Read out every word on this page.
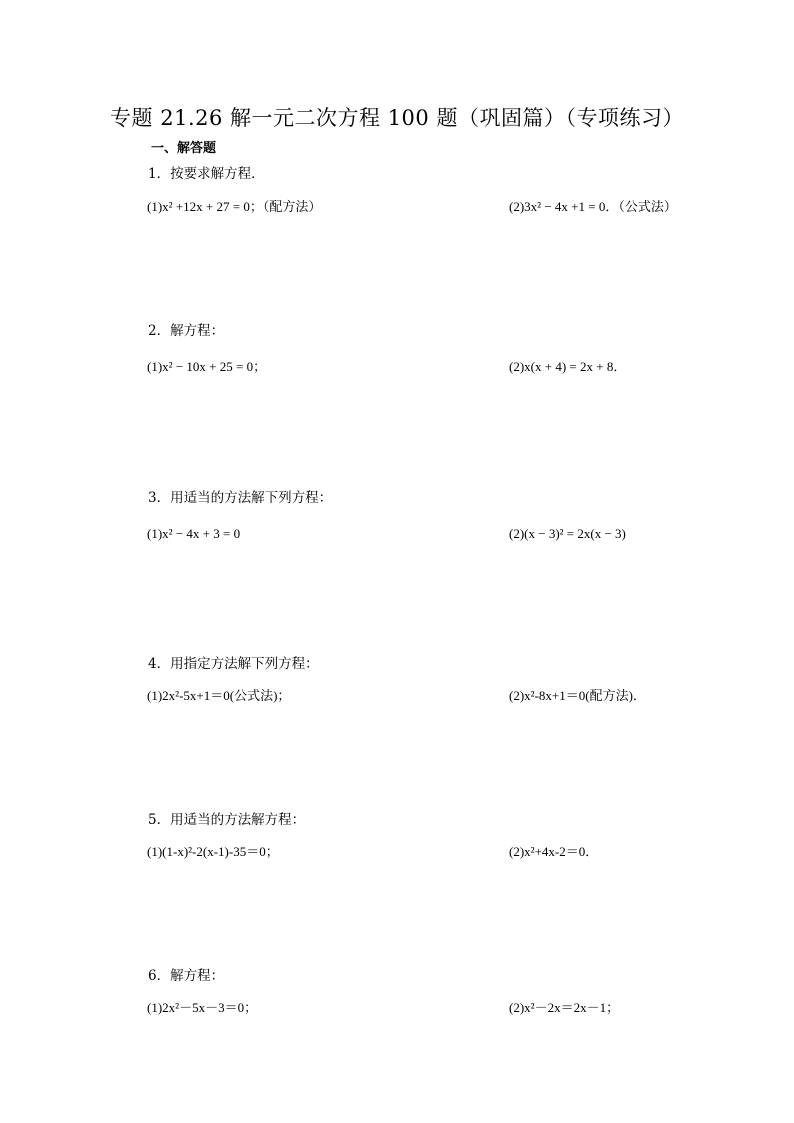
专题 21.26 解一元二次方程 100 题（巩固篇）（专项练习）
一、解答题
1．按要求解方程．
(1)x² +12x + 27 = 0；（配方法）	(2)3x² − 4x +1 = 0．（公式法）
2．解方程：
(1)x² − 10x + 25 = 0；	(2)x(x + 4) = 2x + 8．
3．用适当的方法解下列方程：
(1)x² − 4x + 3 = 0	(2)(x − 3)² = 2x(x − 3)
4．用指定方法解下列方程：
(1)2x²-5x+1＝0(公式法)；	(2)x²-8x+1＝0(配方法)．
5．用适当的方法解方程：
(1)(1-x)²-2(x-1)-35＝0；	(2)x²+4x-2＝0．
6．解方程：
(1)2x²－5x－3＝0；	(2)x²－2x＝2x－1；
